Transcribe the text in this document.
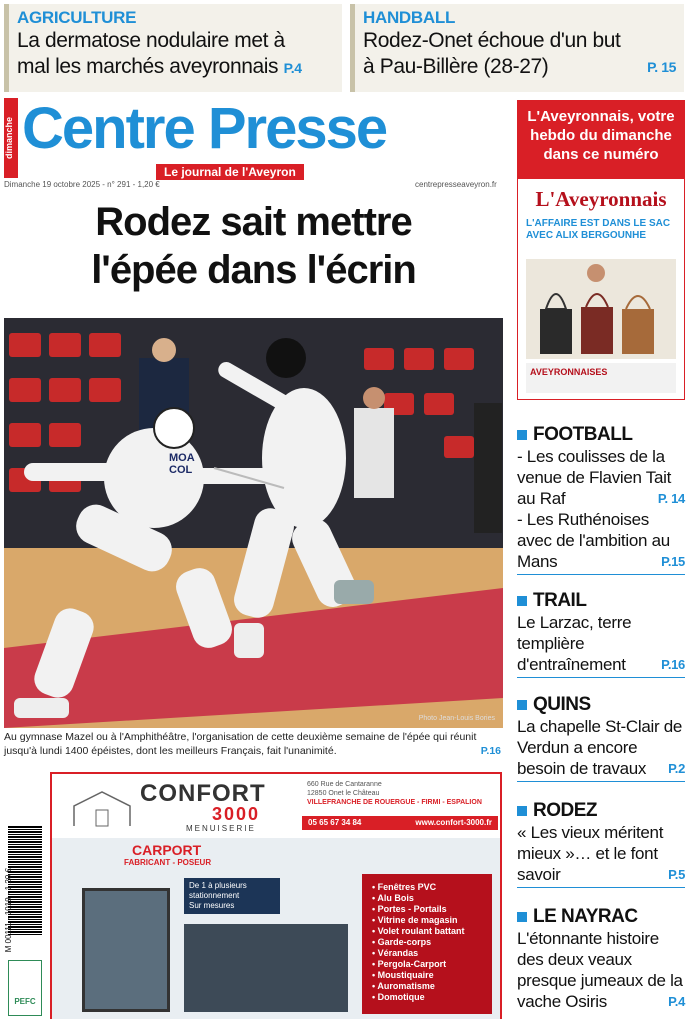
AGRICULTURE
La dermatose nodulaire met à
mal les marchés aveyronnais P.4
HANDBALL
Rodez-Onet échoue d'un but
à Pau-Billère (28-27)	P. 15
dimanche Centre Presse
Le journal de l'Aveyron
Dimanche 19 octobre 2025 - n° 291 - 1,20 €	centrepresseaveyron.fr
Rodez sait mettre
l'épée dans l'écrin
MOA
COL
Photo Jean-Louis Bories
Au gymnase Mazel ou à l'Amphithéâtre, l'organisation de cette deuxième semaine de l'épée qui réunit jusqu'à lundi 1400 épéistes, dont les meilleurs Français, fait l'unanimité.	P.16
M 00111 - 1019 - 1,20 €
PEFC
CONFORT
3000
MENUISERIE
660 Rue de Cantaranne
12850 Onet le Château
VILLEFRANCHE DE ROUERGUE - FIRMI - ESPALION
05 65 67 34 84	www.confort-3000.fr
CARPORT
FABRICANT - POSEUR
De 1 à plusieurs stationnement
Sur mesures
• Fenêtres PVC
• Alu Bois
• Portes - Portails
• Vitrine de magasin
• Volet roulant battant
• Garde-corps
• Vérandas
• Pergola-Carport
• Moustiquaire
• Auromatisme
• Domotique
L'Aveyronnais, votre hebdo du dimanche dans ce numéro
L'Aveyronnais
L'AFFAIRE EST DANS LE SAC AVEC ALIX BERGOUNHE
AVEYRONNAISES
FOOTBALL
- Les coulisses de la venue de Flavien Tait au Raf	P. 14
- Les Ruthénoises avec de l'ambition au Mans	P.15
TRAIL
Le Larzac, terre templière d'entraînement	P.16
QUINS
La chapelle St-Clair de Verdun a encore besoin de travaux P.2
RODEZ
« Les vieux méritent mieux »… et le font savoir	P.5
LE NAYRAC
L'étonnante histoire des deux veaux presque jumeaux de la vache Osiris	P.4
